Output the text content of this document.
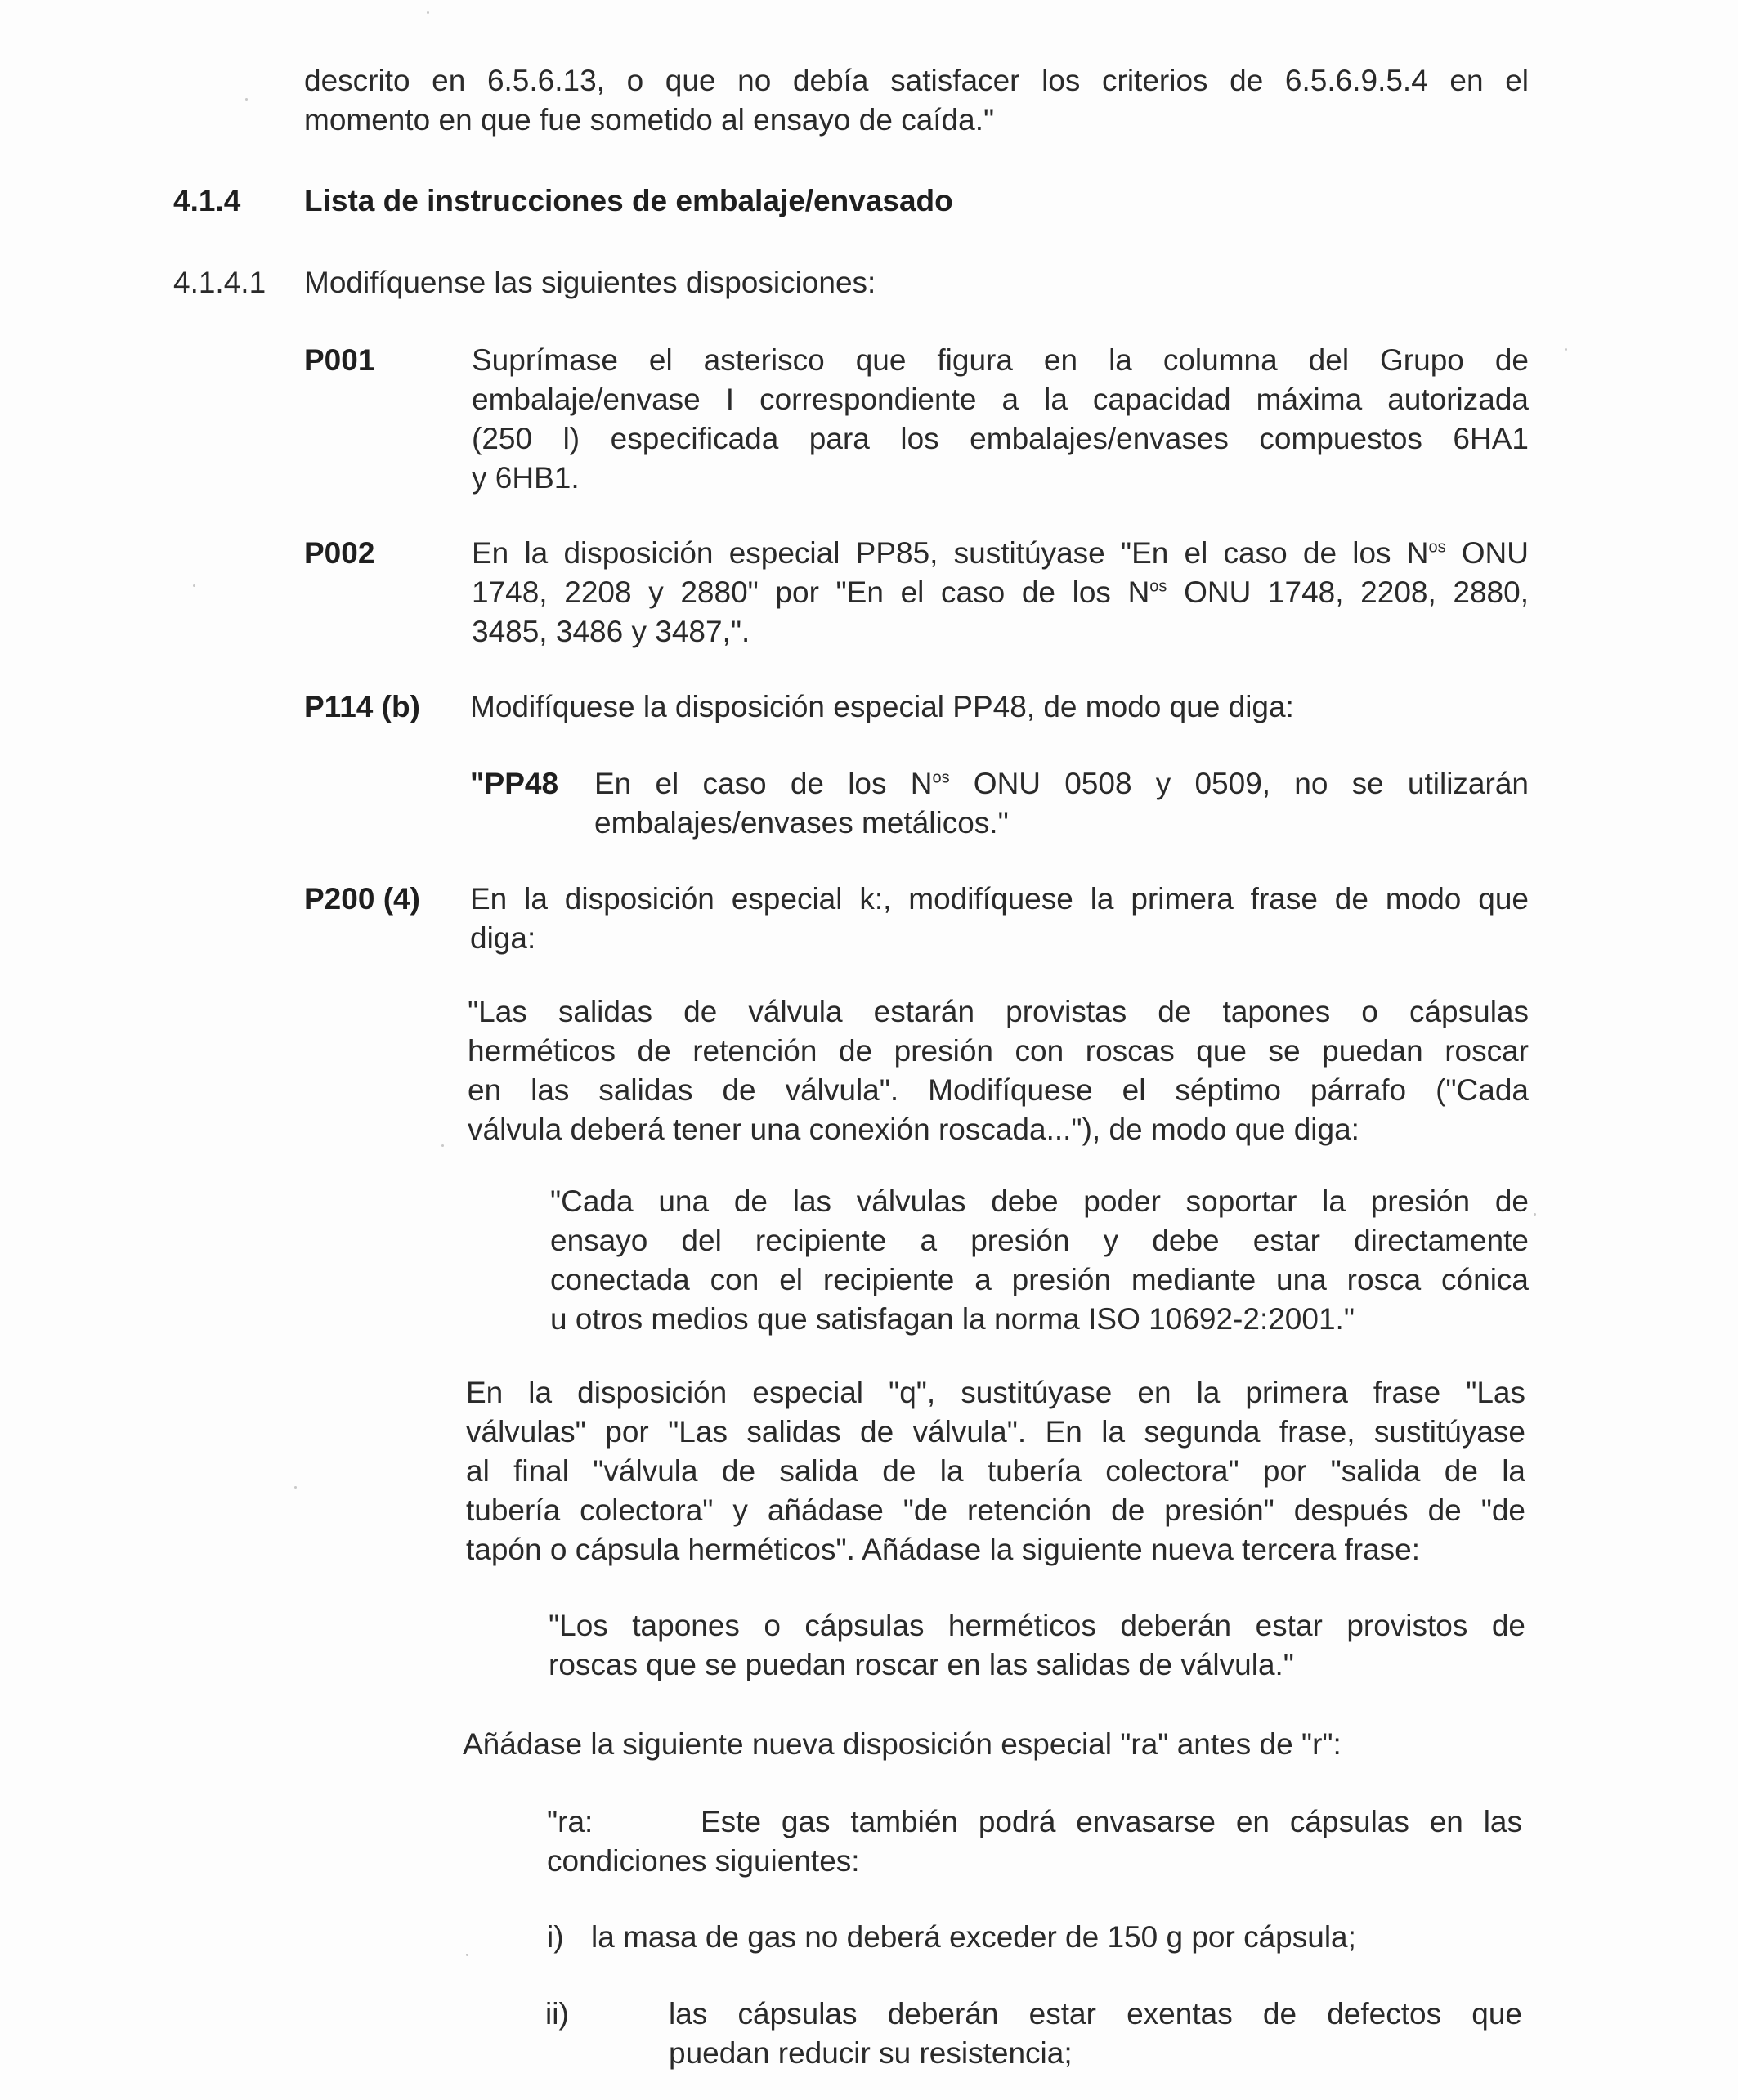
descrito en 6.5.6.13, o que no debía satisfacer los criterios de 6.5.6.9.5.4 en el
momento en que fue sometido al ensayo de caída."
4.1.4 Lista de instrucciones de embalaje/envasado
4.1.4.1 Modifíquense las siguientes disposiciones:
P001	Suprímase el asterisco que figura en la columna del Grupo de
embalaje/envase I correspondiente a la capacidad máxima autorizada
(250 l) especificada para los embalajes/envases compuestos 6HA1
y 6HB1.
P002	En la disposición especial PP85, sustitúyase "En el caso de los $N^{os}$ ONU
1748, 2208 y 2880" por "En el caso de los $N^{os}$ ONU 1748, 2208, 2880,
3485, 3486 y 3487,".
P114 (b) Modifíquese la disposición especial PP48, de modo que diga:
"PP48 En el caso de los $N^{os}$ ONU 0508 y 0509, no se utilizarán
embalajes/envases metálicos."
P200 (4) En la disposición especial k:, modifíquese la primera frase de modo que
diga:
"Las salidas de válvula estarán provistas de tapones o cápsulas
herméticos de retención de presión con roscas que se puedan roscar
en las salidas de válvula". Modifíquese el séptimo párrafo ("Cada
válvula deberá tener una conexión roscada..."), de modo que diga:
"Cada una de las válvulas debe poder soportar la presión de
ensayo del recipiente a presión y debe estar directamente
conectada con el recipiente a presión mediante una rosca cónica
u otros medios que satisfagan la norma ISO 10692-2:2001."
En la disposición especial "q", sustitúyase en la primera frase "Las
válvulas" por "Las salidas de válvula". En la segunda frase, sustitúyase
al final "válvula de salida de la tubería colectora" por "salida de la
tubería colectora" y añádase "de retención de presión" después de "de
tapón o cápsula herméticos". Añádase la siguiente nueva tercera frase:
"Los tapones o cápsulas herméticos deberán estar provistos de
roscas que se puedan roscar en las salidas de válvula."
Añádase la siguiente nueva disposición especial "ra" antes de "r":
"ra:	Este gas también podrá envasarse en cápsulas en las
condiciones siguientes:
i) la masa de gas no deberá exceder de 150 g por cápsula;
ii)	las cápsulas deberán estar exentas de defectos que
puedan reducir su resistencia;
